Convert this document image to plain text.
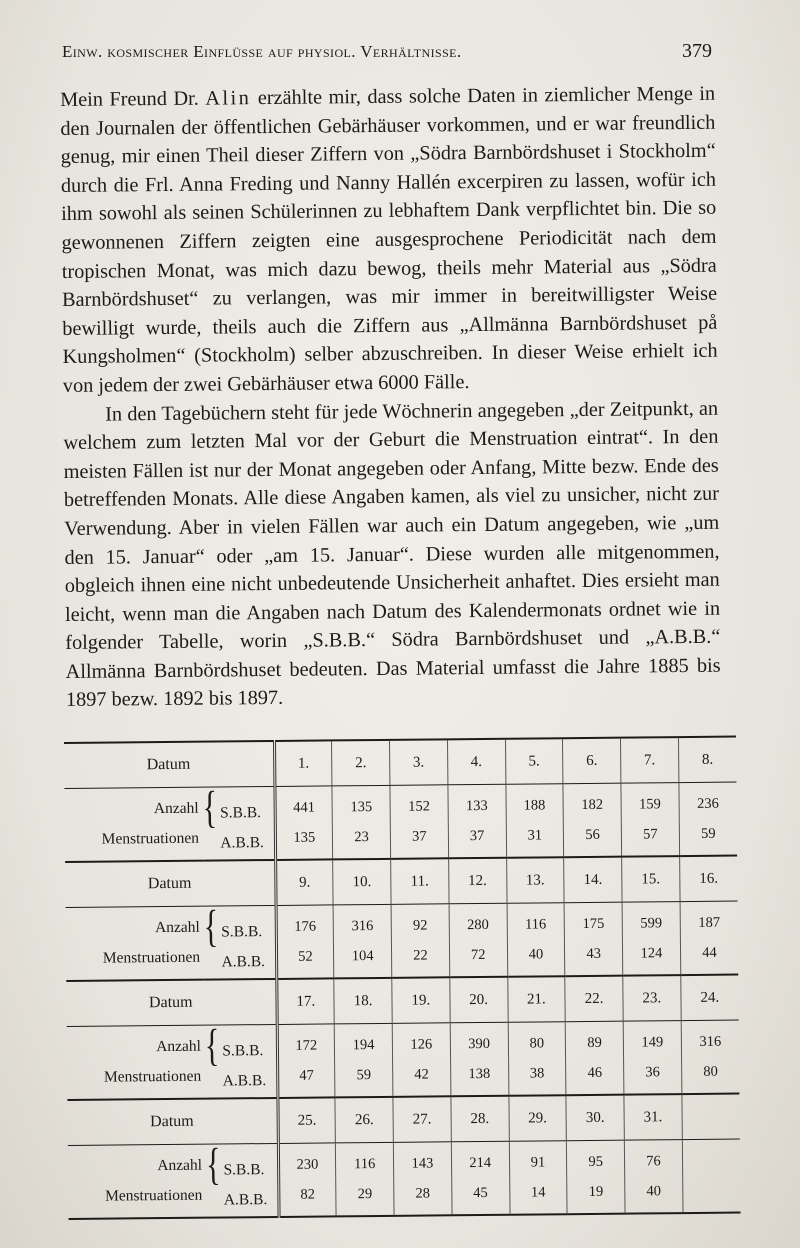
Einw. kosmischer Einflüsse auf physiol. Verhältnisse.	379

Mein Freund Dr. Alin erzählte mir, dass solche Daten in ziemlicher Menge in den Journalen der öffentlichen Gebärhäuser vorkommen, und er war freundlich genug, mir einen Theil dieser Ziffern von „Södra Barnbördshuset i Stockholm“ durch die Frl. Anna Freding und Nanny Hallén excerpiren zu lassen, wofür ich ihm sowohl als seinen Schülerinnen zu lebhaftem Dank verpflichtet bin. Die so gewonnenen Ziffern zeigten eine ausgesprochene Periodicität nach dem tropischen Monat, was mich dazu bewog, theils mehr Material aus „Södra Barnbördshuset“ zu verlangen, was mir immer in bereitwilligster Weise bewilligt wurde, theils auch die Ziffern aus „Allmänna Barnbördshuset på Kungsholmen“ (Stockholm) selber abzuschreiben. In dieser Weise erhielt ich von jedem der zwei Gebärhäuser etwa 6000 Fälle.

In den Tagebüchern steht für jede Wöchnerin angegeben „der Zeitpunkt, an welchem zum letzten Mal vor der Geburt die Menstruation eintrat“. In den meisten Fällen ist nur der Monat angegeben oder Anfang, Mitte bezw. Ende des betreffenden Monats. Alle diese Angaben kamen, als viel zu unsicher, nicht zur Verwendung. Aber in vielen Fällen war auch ein Datum angegeben, wie „um den 15. Januar“ oder „am 15. Januar“. Diese wurden alle mitgenommen, obgleich ihnen eine nicht unbedeutende Unsicherheit anhaftet. Dies ersieht man leicht, wenn man die Angaben nach Datum des Kalendermonats ordnet wie in folgender Tabelle, worin „S.B.B.“ Södra Barnbördshuset und „A.B.B.“ Allmänna Barnbördshuset bedeuten. Das Material umfasst die Jahre 1885 bis 1897 bezw. 1892 bis 1897.

Datum		1.	2.	3.	4.	5.	6.	7.	8.
Anzahl	{ S.B.B.	441	135	152	133	188	182	159	236
Menstruationen	A.B.B.	135	23	37	37	31	56	57	59
Datum		9.	10.	11.	12.	13.	14.	15.	16.
Anzahl	{ S.B.B.	176	316	92	280	116	175	599	187
Menstruationen	A.B.B.	52	104	22	72	40	43	124	44
Datum		17.	18.	19.	20.	21.	22.	23.	24.
Anzahl	{ S.B.B.	172	194	126	390	80	89	149	316
Menstruationen	A.B.B.	47	59	42	138	38	46	36	80
Datum		25.	26.	27.	28.	29.	30.	31.	
Anzahl	{ S.B.B.	230	116	143	214	91	95	76	
Menstruationen	A.B.B.	82	29	28	45	14	19	40	
